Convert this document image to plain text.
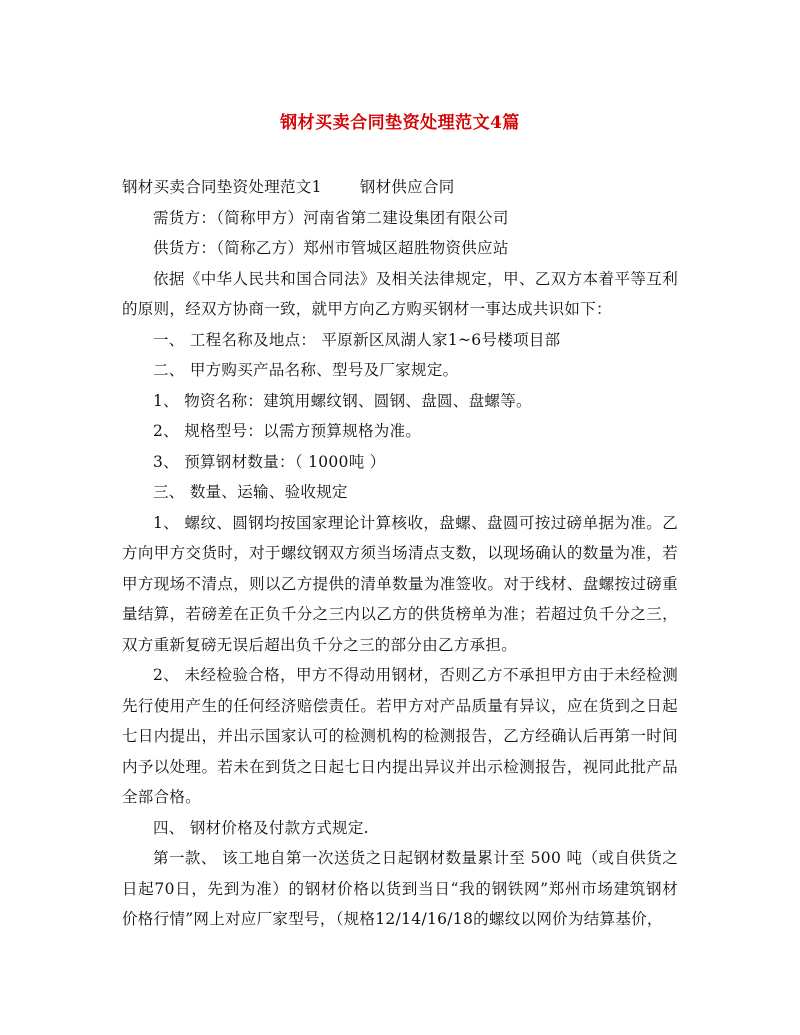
钢材买卖合同垫资处理范文4篇

钢材买卖合同垫资处理范文1 钢材供应合同

需货方：（简称甲方）河南省第二建设集团有限公司

供货方：（简称乙方）郑州市管城区超胜物资供应站

依据《中华人民共和国合同法》及相关法律规定，甲、乙双方本着平等互利的原则，经双方协商一致，就甲方向乙方购买钢材一事达成共识如下：

一、 工程名称及地点： 平原新区凤湖人家1~6号楼项目部

二、 甲方购买产品名称、型号及厂家规定。

1、 物资名称：建筑用螺纹钢、圆钢、盘圆、盘螺等。

2、 规格型号：以需方预算规格为准。

3、 预算钢材数量：（ 1000吨 ）

三、 数量、运输、验收规定

1、 螺纹、圆钢均按国家理论计算核收，盘螺、盘圆可按过磅单据为准。乙方向甲方交货时，对于螺纹钢双方须当场清点支数，以现场确认的数量为准，若甲方现场不清点，则以乙方提供的清单数量为准签收。对于线材、盘螺按过磅重量结算，若磅差在正负千分之三内以乙方的供货榜单为准；若超过负千分之三，双方重新复磅无误后超出负千分之三的部分由乙方承担。

2、 未经检验合格，甲方不得动用钢材，否则乙方不承担甲方由于未经检测先行使用产生的任何经济赔偿责任。若甲方对产品质量有异议，应在货到之日起七日内提出，并出示国家认可的检测机构的检测报告，乙方经确认后再第一时间内予以处理。若未在到货之日起七日内提出异议并出示检测报告，视同此批产品全部合格。

四、 钢材价格及付款方式规定.

第一款、 该工地自第一次送货之日起钢材数量累计至 500 吨（或自供货之日起70日，先到为准）的钢材价格以货到当日“我的钢铁网”郑州市场建筑钢材价格行情”网上对应厂家型号，（规格12/14/16/18的螺纹以网价为结算基价，
